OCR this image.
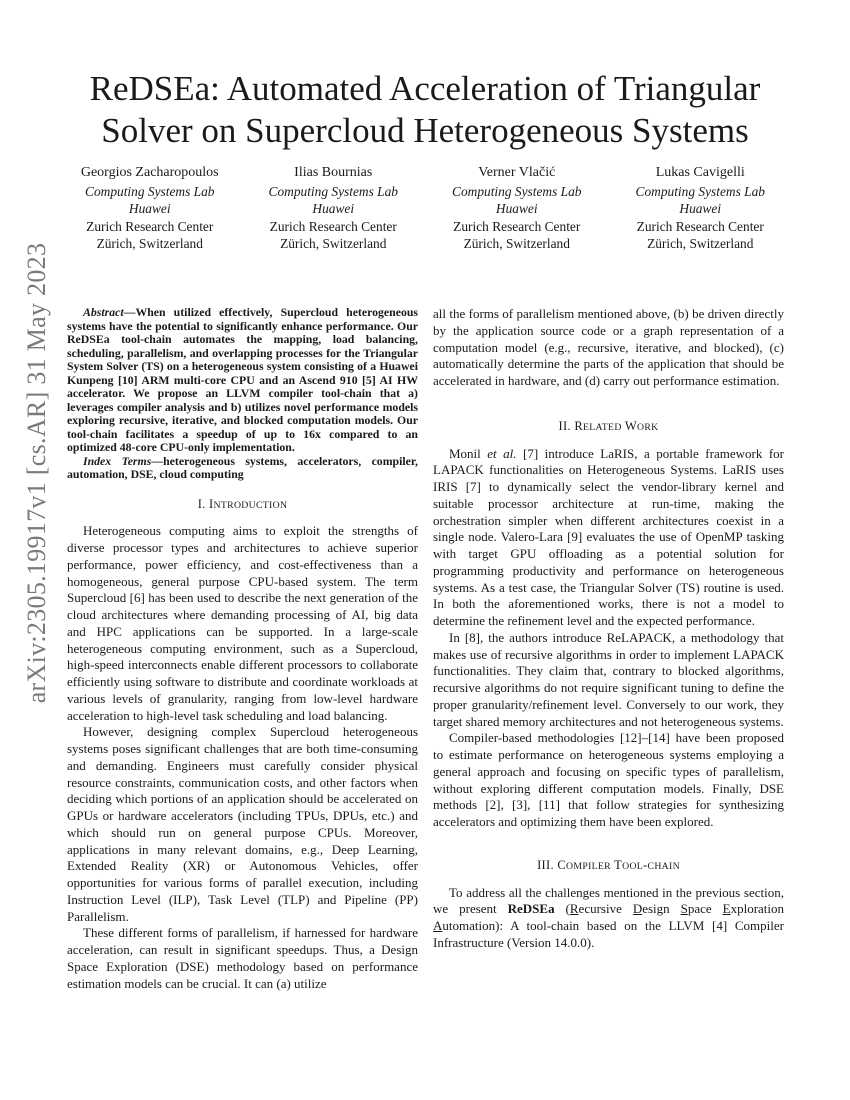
ReDSEa: Automated Acceleration of Triangular
Solver on Supercloud Heterogeneous Systems
Georgios Zacharopoulos
Computing Systems Lab
Huawei
Zurich Research Center
Zürich, Switzerland
Ilias Bournias
Computing Systems Lab
Huawei
Zurich Research Center
Zürich, Switzerland
Verner Vlačić
Computing Systems Lab
Huawei
Zurich Research Center
Zürich, Switzerland
Lukas Cavigelli
Computing Systems Lab
Huawei
Zurich Research Center
Zürich, Switzerland
arXiv:2305.19917v1 [cs.AR] 31 May 2023	Abstract—When utilized effectively, Supercloud heterogeneous systems have the potential to significantly enhance performance. Our ReDSEa tool-chain automates the mapping, load balancing, scheduling, parallelism, and overlapping processes for the Triangular System Solver (TS) on a heterogeneous system consisting of a Huawei Kunpeng [10] ARM multi-core CPU and an Ascend 910 [5] AI HW accelerator. We propose an LLVM compiler tool-chain that a) leverages compiler analysis and b) utilizes novel performance models exploring recursive, iterative, and blocked computation models. Our tool-chain facilitates a speedup of up to 16x compared to an optimized 48-core CPU-only implementation.

Index Terms—heterogeneous systems, accelerators, compiler, automation, DSE, cloud computing

I. INTRODUCTION

Heterogeneous computing aims to exploit the strengths of diverse processor types and architectures to achieve superior performance, power efficiency, and cost-effectiveness than a homogeneous, general purpose CPU-based system. The term Supercloud [6] has been used to describe the next generation of the cloud architectures where demanding processing of AI, big data and HPC applications can be supported. In a large-scale heterogeneous computing environment, such as a Supercloud, high-speed interconnects enable different processors to collaborate efficiently using software to distribute and coordinate workloads at various levels of granularity, ranging from low-level hardware acceleration to high-level task scheduling and load balancing.

However, designing complex Supercloud heterogeneous systems poses significant challenges that are both time-consuming and demanding. Engineers must carefully consider physical resource constraints, communication costs, and other factors when deciding which portions of an application should be accelerated on GPUs or hardware accelerators (including TPUs, DPUs, etc.) and which should run on general purpose CPUs. Moreover, applications in many relevant domains, e.g., Deep Learning, Extended Reality (XR) or Autonomous Vehicles, offer opportunities for various forms of parallel execution, including Instruction Level (ILP), Task Level (TLP) and Pipeline (PP) Parallelism.

These different forms of parallelism, if harnessed for hardware acceleration, can result in significant speedups. Thus, a Design Space Exploration (DSE) methodology based on performance estimation models can be crucial. It can (a) utilize

all the forms of parallelism mentioned above, (b) be driven directly by the application source code or a graph representation of a computation model (e.g., recursive, iterative, and blocked), (c) automatically determine the parts of the application that should be accelerated in hardware, and (d) carry out performance estimation.

II. RELATED WORK

Monil et al. [7] introduce LaRIS, a portable framework for LAPACK functionalities on Heterogeneous Systems. LaRIS uses IRIS [7] to dynamically select the vendor-library kernel and suitable processor architecture at run-time, making the orchestration simpler when different architectures coexist in a single node. Valero-Lara [9] evaluates the use of OpenMP tasking with target GPU offloading as a potential solution for programming productivity and performance on heterogeneous systems. As a test case, the Triangular Solver (TS) routine is used. In both the aforementioned works, there is not a model to determine the refinement level and the expected performance.

In [8], the authors introduce ReLAPACK, a methodology that makes use of recursive algorithms in order to implement LAPACK functionalities. They claim that, contrary to blocked algorithms, recursive algorithms do not require significant tuning to define the proper granularity/refinement level. Conversely to our work, they target shared memory architectures and not heterogeneous systems.

Compiler-based methodologies [12]–[14] have been proposed to estimate performance on heterogeneous systems employing a general approach and focusing on specific types of parallelism, without exploring different computation models. Finally, DSE methods [2], [3], [11] that follow strategies for synthesizing accelerators and optimizing them have been explored.

III. COMPILER TOOL-CHAIN

To address all the challenges mentioned in the previous section, we present ReDSEa (Recursive Design Space Exploration Automation): A tool-chain based on the LLVM [4] Compiler Infrastructure (Version 14.0.0).
